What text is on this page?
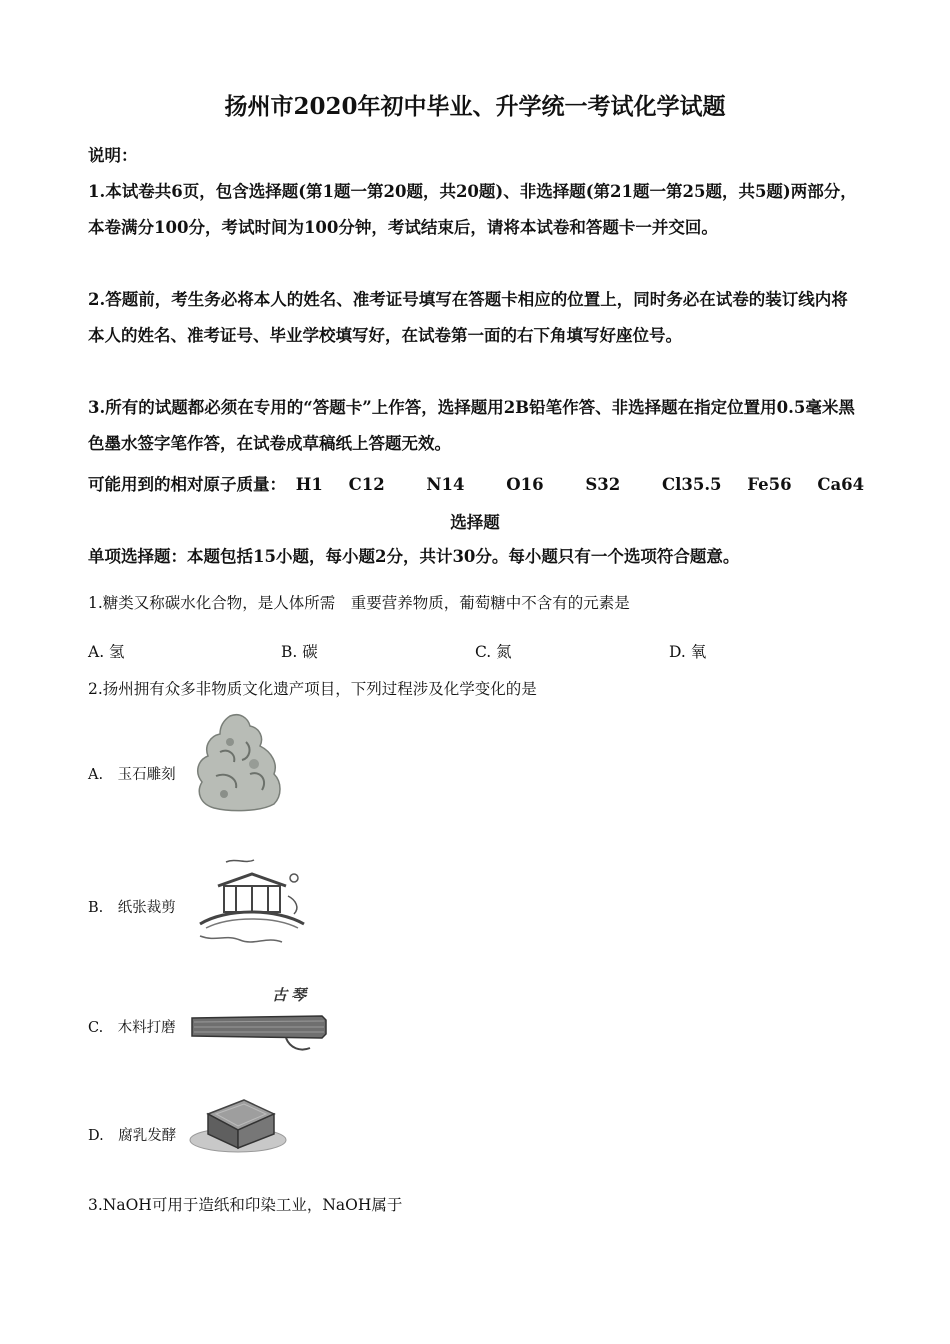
扬州市2020年初中毕业、升学统一考试化学试题
说明：

1.本试卷共6页，包含选择题(第1题一第20题，共20题)、非选择题(第21题一第25题，共5题)两部分，本卷满分100分，考试时间为100分钟，考试结束后，请将本试卷和答题卡一并交回。

2.答题前，考生务必将本人的姓名、准考证号填写在答题卡相应的位置上，同时务必在试卷的装订线内将本人的姓名、准考证号、毕业学校填写好，在试卷第一面的右下角填写好座位号。

3.所有的试题都必须在专用的“答题卡”上作答，选择题用2B铅笔作答、非选择题在指定位置用0.5毫米黑色墨水签字笔作答，在试卷成草稿纸上答题无效。

可能用到的相对原子质量： H1 C12	N14	O16	S32	Cl35.5 Fe56 Ca64
选择题
单项选择题：本题包括15小题，每小题2分，共计30分。每小题只有一个选项符合题意。
1.糖类又称碳水化合物，是人体所需　重要营养物质，葡萄糖中不含有的元素是
A. 氢	B. 碳	C. 氮	D. 氧
2.扬州拥有众多非物质文化遗产项目，下列过程涉及化学变化的是
A.　玉石雕刻
B.　纸张裁剪
C.　木料打磨
古琴
D.　腐乳发酵
3.NaOH可用于造纸和印染工业，NaOH属于
